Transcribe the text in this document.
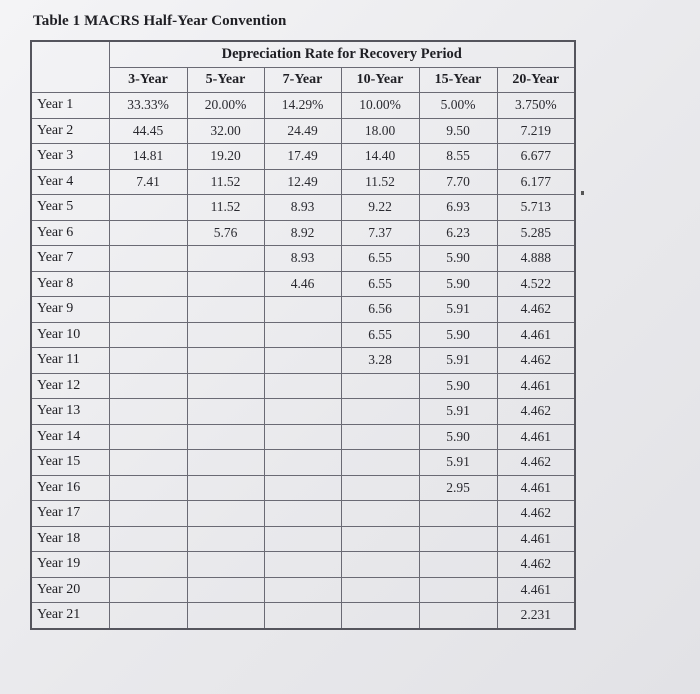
Table 1 MACRS Half-Year Convention
	Depreciation Rate for Recovery Period					
	3-Year	5-Year	7-Year	10-Year	15-Year	20-Year
Year 1	33.33%	20.00%	14.29%	10.00%	5.00%	3.750%
Year 2	44.45	32.00	24.49	18.00	9.50	7.219
Year 3	14.81	19.20	17.49	14.40	8.55	6.677
Year 4	7.41	11.52	12.49	11.52	7.70	6.177
Year 5		11.52	8.93	9.22	6.93	5.713
Year 6		5.76	8.92	7.37	6.23	5.285
Year 7			8.93	6.55	5.90	4.888
Year 8			4.46	6.55	5.90	4.522
Year 9				6.56	5.91	4.462
Year 10				6.55	5.90	4.461
Year 11				3.28	5.91	4.462
Year 12					5.90	4.461
Year 13					5.91	4.462
Year 14					5.90	4.461
Year 15					5.91	4.462
Year 16					2.95	4.461
Year 17						4.462
Year 18						4.461
Year 19						4.462
Year 20						4.461
Year 21						2.231
